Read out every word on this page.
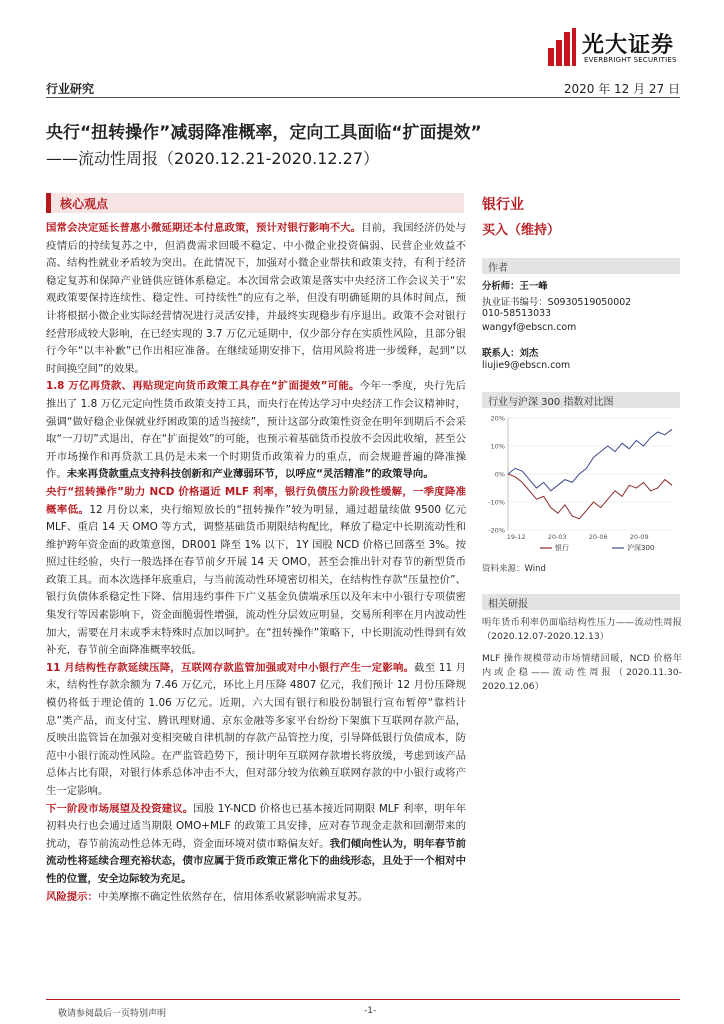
光大证券
EVERBRIGHT SECURITIES
行业研究	2020 年 12 月 27 日
央行“扭转操作”减弱降准概率，定向工具面临“扩面提效”
——流动性周报（2020.12.21-2020.12.27）
核心观点

国常会决定延长普惠小微延期还本付息政策，预计对银行影响不大。目前，我国经济仍处与疫情后的持续复苏之中，但消费需求回暖不稳定、中小微企业投资偏弱、民营企业效益不高、结构性就业矛盾较为突出。在此情况下，加强对小微企业帮扶和政策支持，有利于经济稳定复苏和保障产业链供应链体系稳定。本次国常会政策是落实中央经济工作会议关于“宏观政策要保持连续性、稳定性、可持续性”的应有之举，但没有明确延期的具体时间点，预计将根据小微企业实际经营情况进行灵活安排，并最终实现稳步有序退出。政策不会对银行经营形成较大影响，在已经实现的 3.7 万亿元延期中，仅少部分存在实质性风险，且部分银行今年“以丰补歉”已作出相应准备。在继续延期安排下，信用风险将进一步缓释，起到“以时间换空间”的效果。

1.8 万亿再贷款、再贴现定向货币政策工具存在“扩面提效”可能。今年一季度，央行先后推出了 1.8 万亿元定向性货币政策支持工具，而央行在传达学习中央经济工作会议精神时，强调“做好稳企业保就业纾困政策的适当接续”，预计这部分政策性资金在明年到期后不会采取“一刀切”式退出，存在“扩面提效”的可能，也预示着基础货币投放不会因此收缩，甚至公开市场操作和再贷款工具仍是未来一个时期货币政策着力的重点，而会规避普遍的降准操作。未来再贷款重点支持科技创新和产业薄弱环节，以呼应“灵活精准”的政策导向。

央行“扭转操作”助力 NCD 价格逼近 MLF 利率，银行负债压力阶段性缓解，一季度降准概率低。12 月份以来，央行缩短放长的“扭转操作”较为明显，通过超量续做 9500 亿元 MLF、重启 14 天 OMO 等方式，调整基础货币期限结构配比，释放了稳定中长期流动性和维护跨年资金面的政策意图，DR001 降至 1% 以下，1Y 国股 NCD 价格已回落至 3%。按照过往经验，央行一般选择在春节前夕开展 14 天 OMO，甚至会推出针对春节的新型货币政策工具。而本次选择年底重启，与当前流动性环境密切相关，在结构性存款“压量控价”、银行负债体系稳定性下降、信用违约事件下广义基金负债端承压以及年末中小银行专项债密集发行等因素影响下，资金面脆弱性增强，流动性分层效应明显，交易所利率在月内波动性加大，需要在月末或季末特殊时点加以呵护。在“扭转操作”策略下，中长期流动性得到有效补充，春节前全面降准概率较低。

11 月结构性存款延续压降，互联网存款监管加强或对中小银行产生一定影响。截至 11 月末，结构性存款余额为 7.46 万亿元，环比上月压降 4807 亿元，我们预计 12 月份压降规模仍将低于理论值的 1.06 万亿元。近期，六大国有银行和股份制银行宣布暂停“靠档计息”类产品，而支付宝、腾讯理财通、京东金融等多家平台纷纷下架旗下互联网存款产品，反映出监管旨在加强对变相突破自律机制的存款产品管控力度，引导降低银行负债成本，防范中小银行流动性风险。在严监管趋势下，预计明年互联网存款增长将放缓，考虑到该产品总体占比有限，对银行体系总体冲击不大，但对部分较为依赖互联网存款的中小银行或将产生一定影响。

下一阶段市场展望及投资建议。国股 1Y-NCD 价格也已基本接近同期限 MLF 利率，明年年初料央行也会通过适当期限 OMO+MLF 的政策工具安排，应对春节现金走款和回潮带来的扰动，春节前流动性总体无碍，资金面环境对债市略偏友好。我们倾向性认为，明年春节前流动性将延续合理充裕状态，债市应属于货币政策正常化下的曲线形态，且处于一个相对中性的位置，安全边际较为充足。

风险提示：中美摩擦不确定性依然存在，信用体系收紧影响需求复苏。

银行业
买入（维持）
作者
分析师：王一峰
执业证书编号：S0930519050002
010-58513033
wangyf@ebscn.com
联系人：刘杰
liujie9@ebscn.com
行业与沪深 300 指数对比图
-20%
-10%
0%
10%
20%
19-12	20-03	20-06	20-09
银行	沪深300
资料来源：Wind
相关研报
明年货币利率仍面临结构性压力——流动性周报（2020.12.07-2020.12.13）
MLF 操作规模带动市场情绪回暖，NCD 价格年内或企稳——流动性周报（2020.11.30-2020.12.06）
敬请参阅最后一页特别声明	-1-
